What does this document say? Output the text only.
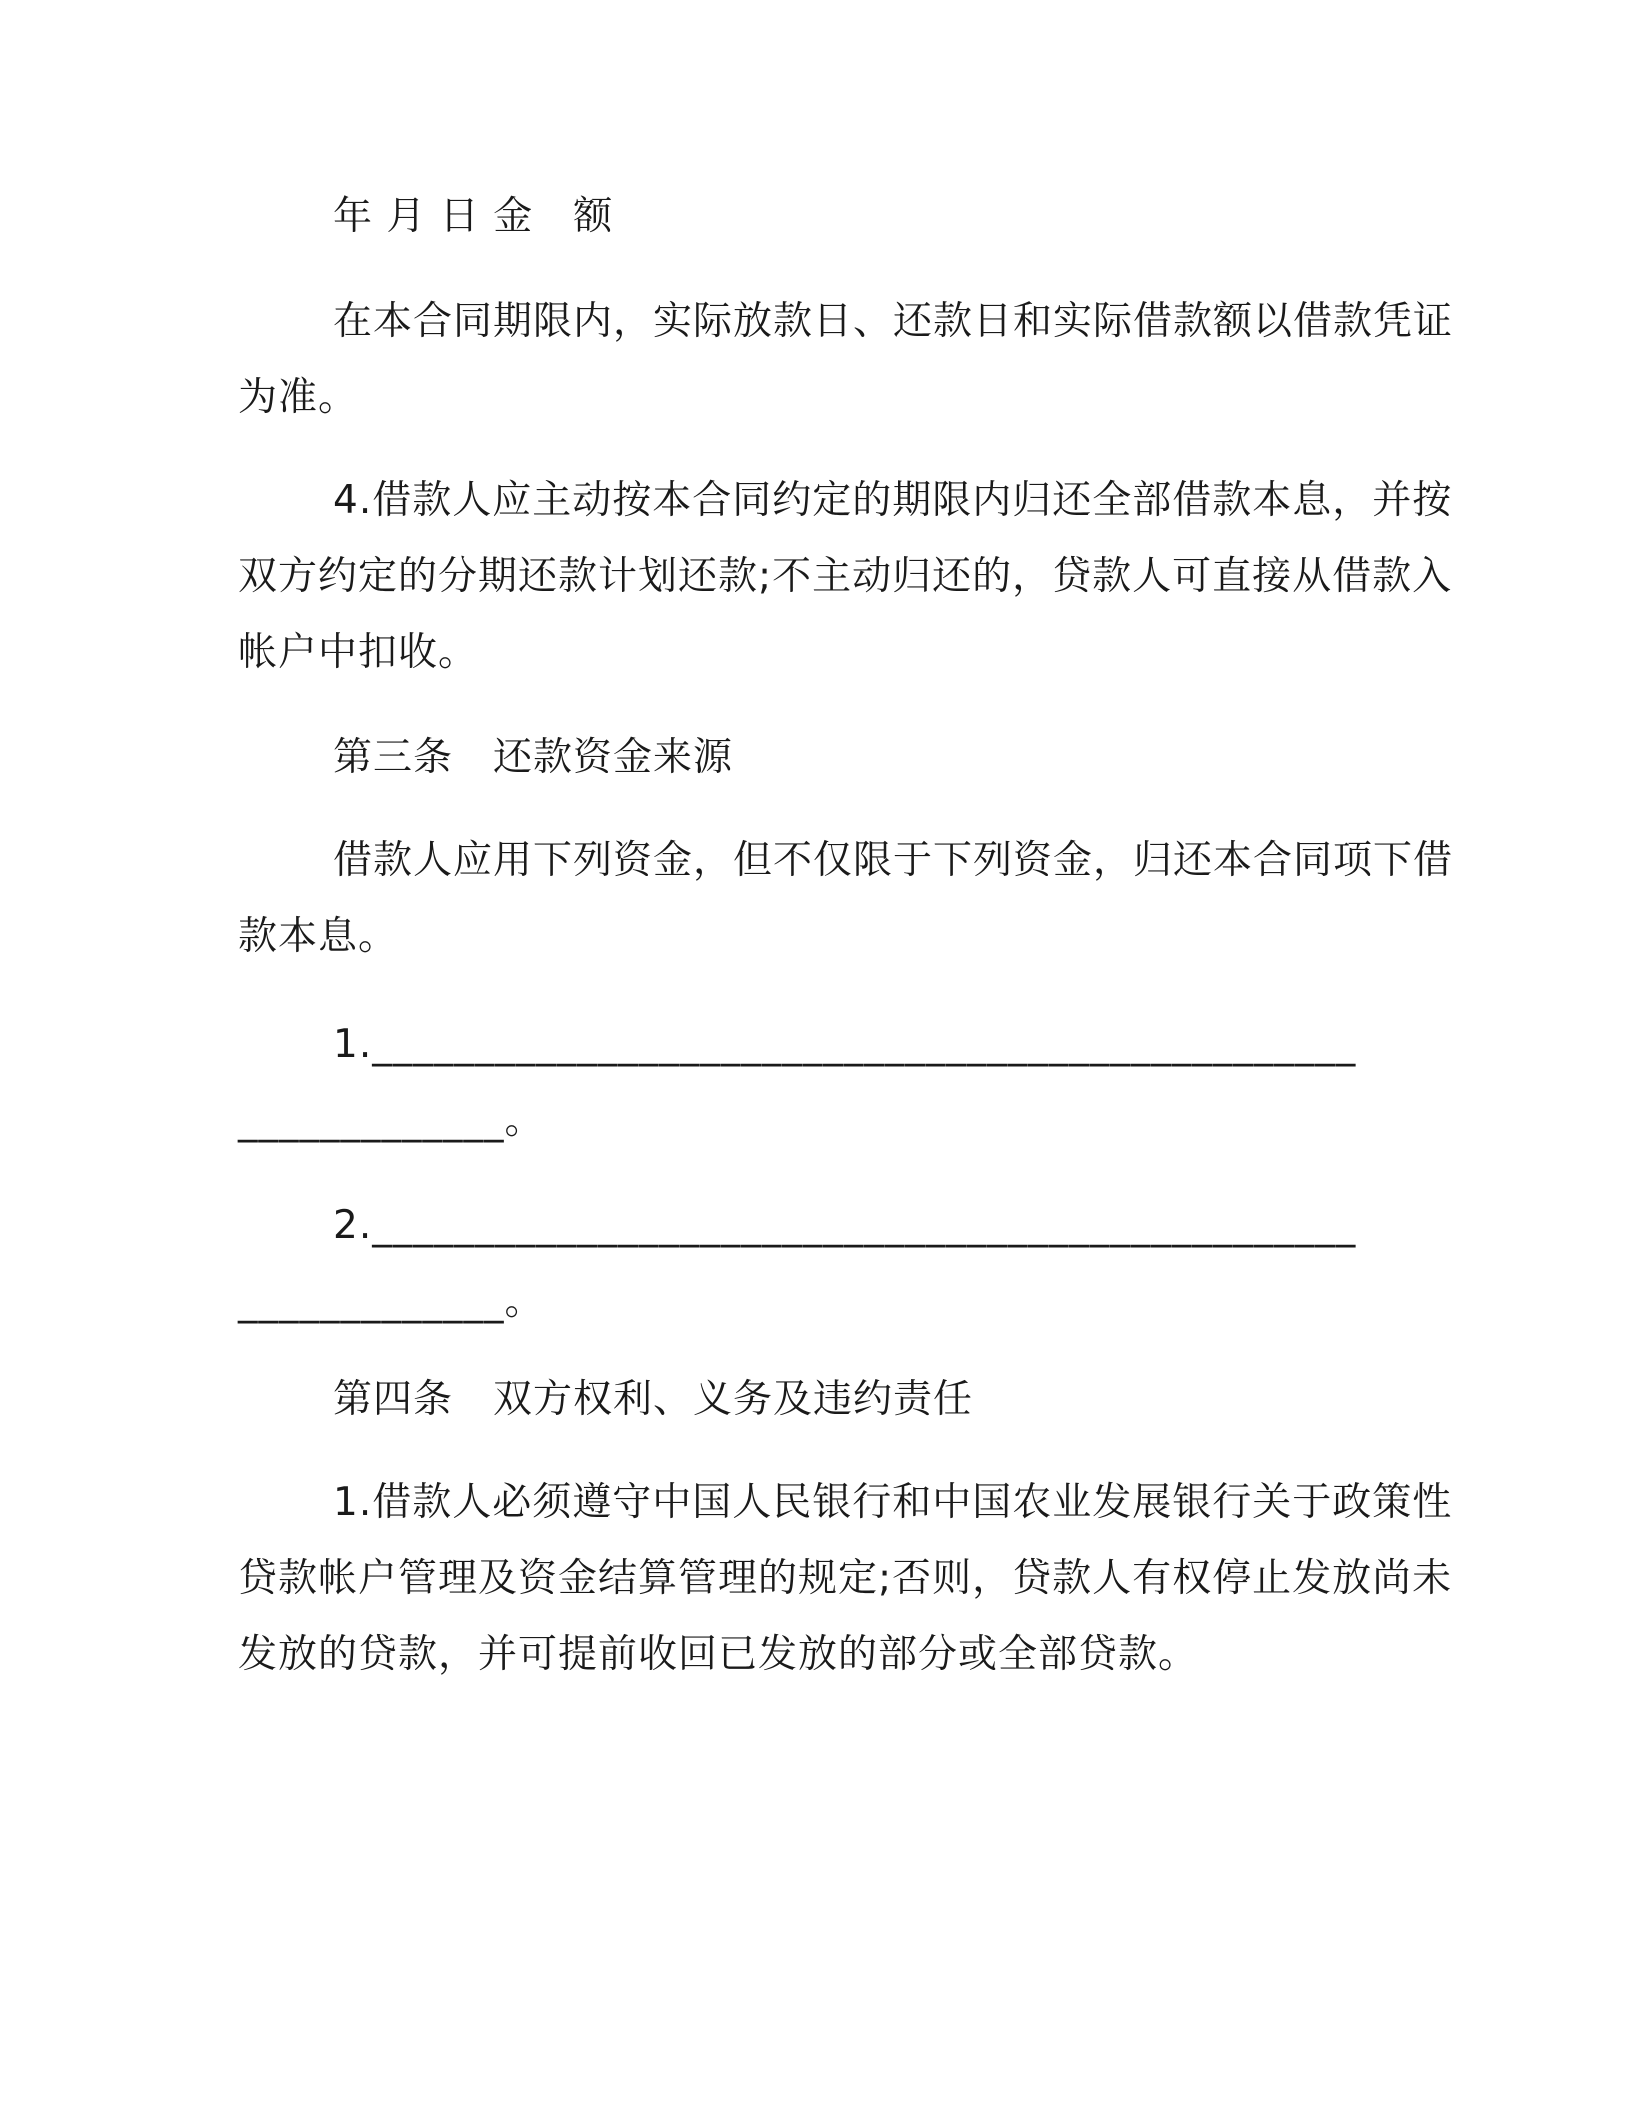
年 月 日 金　额
在本合同期限内，实际放款日、还款日和实际借款额以借款凭证
为准。
4.借款人应主动按本合同约定的期限内归还全部借款本息，并按
双方约定的分期还款计划还款;不主动归还的，贷款人可直接从借款入
帐户中扣收。
第三条　还款资金来源
借款人应用下列资金，但不仅限于下列资金，归还本合同项下借
款本息。
1.________________________________________________
_____________。
2.________________________________________________
_____________。
第四条　双方权利、义务及违约责任
1.借款人必须遵守中国人民银行和中国农业发展银行关于政策性
贷款帐户管理及资金结算管理的规定;否则，贷款人有权停止发放尚未
发放的贷款，并可提前收回已发放的部分或全部贷款。
